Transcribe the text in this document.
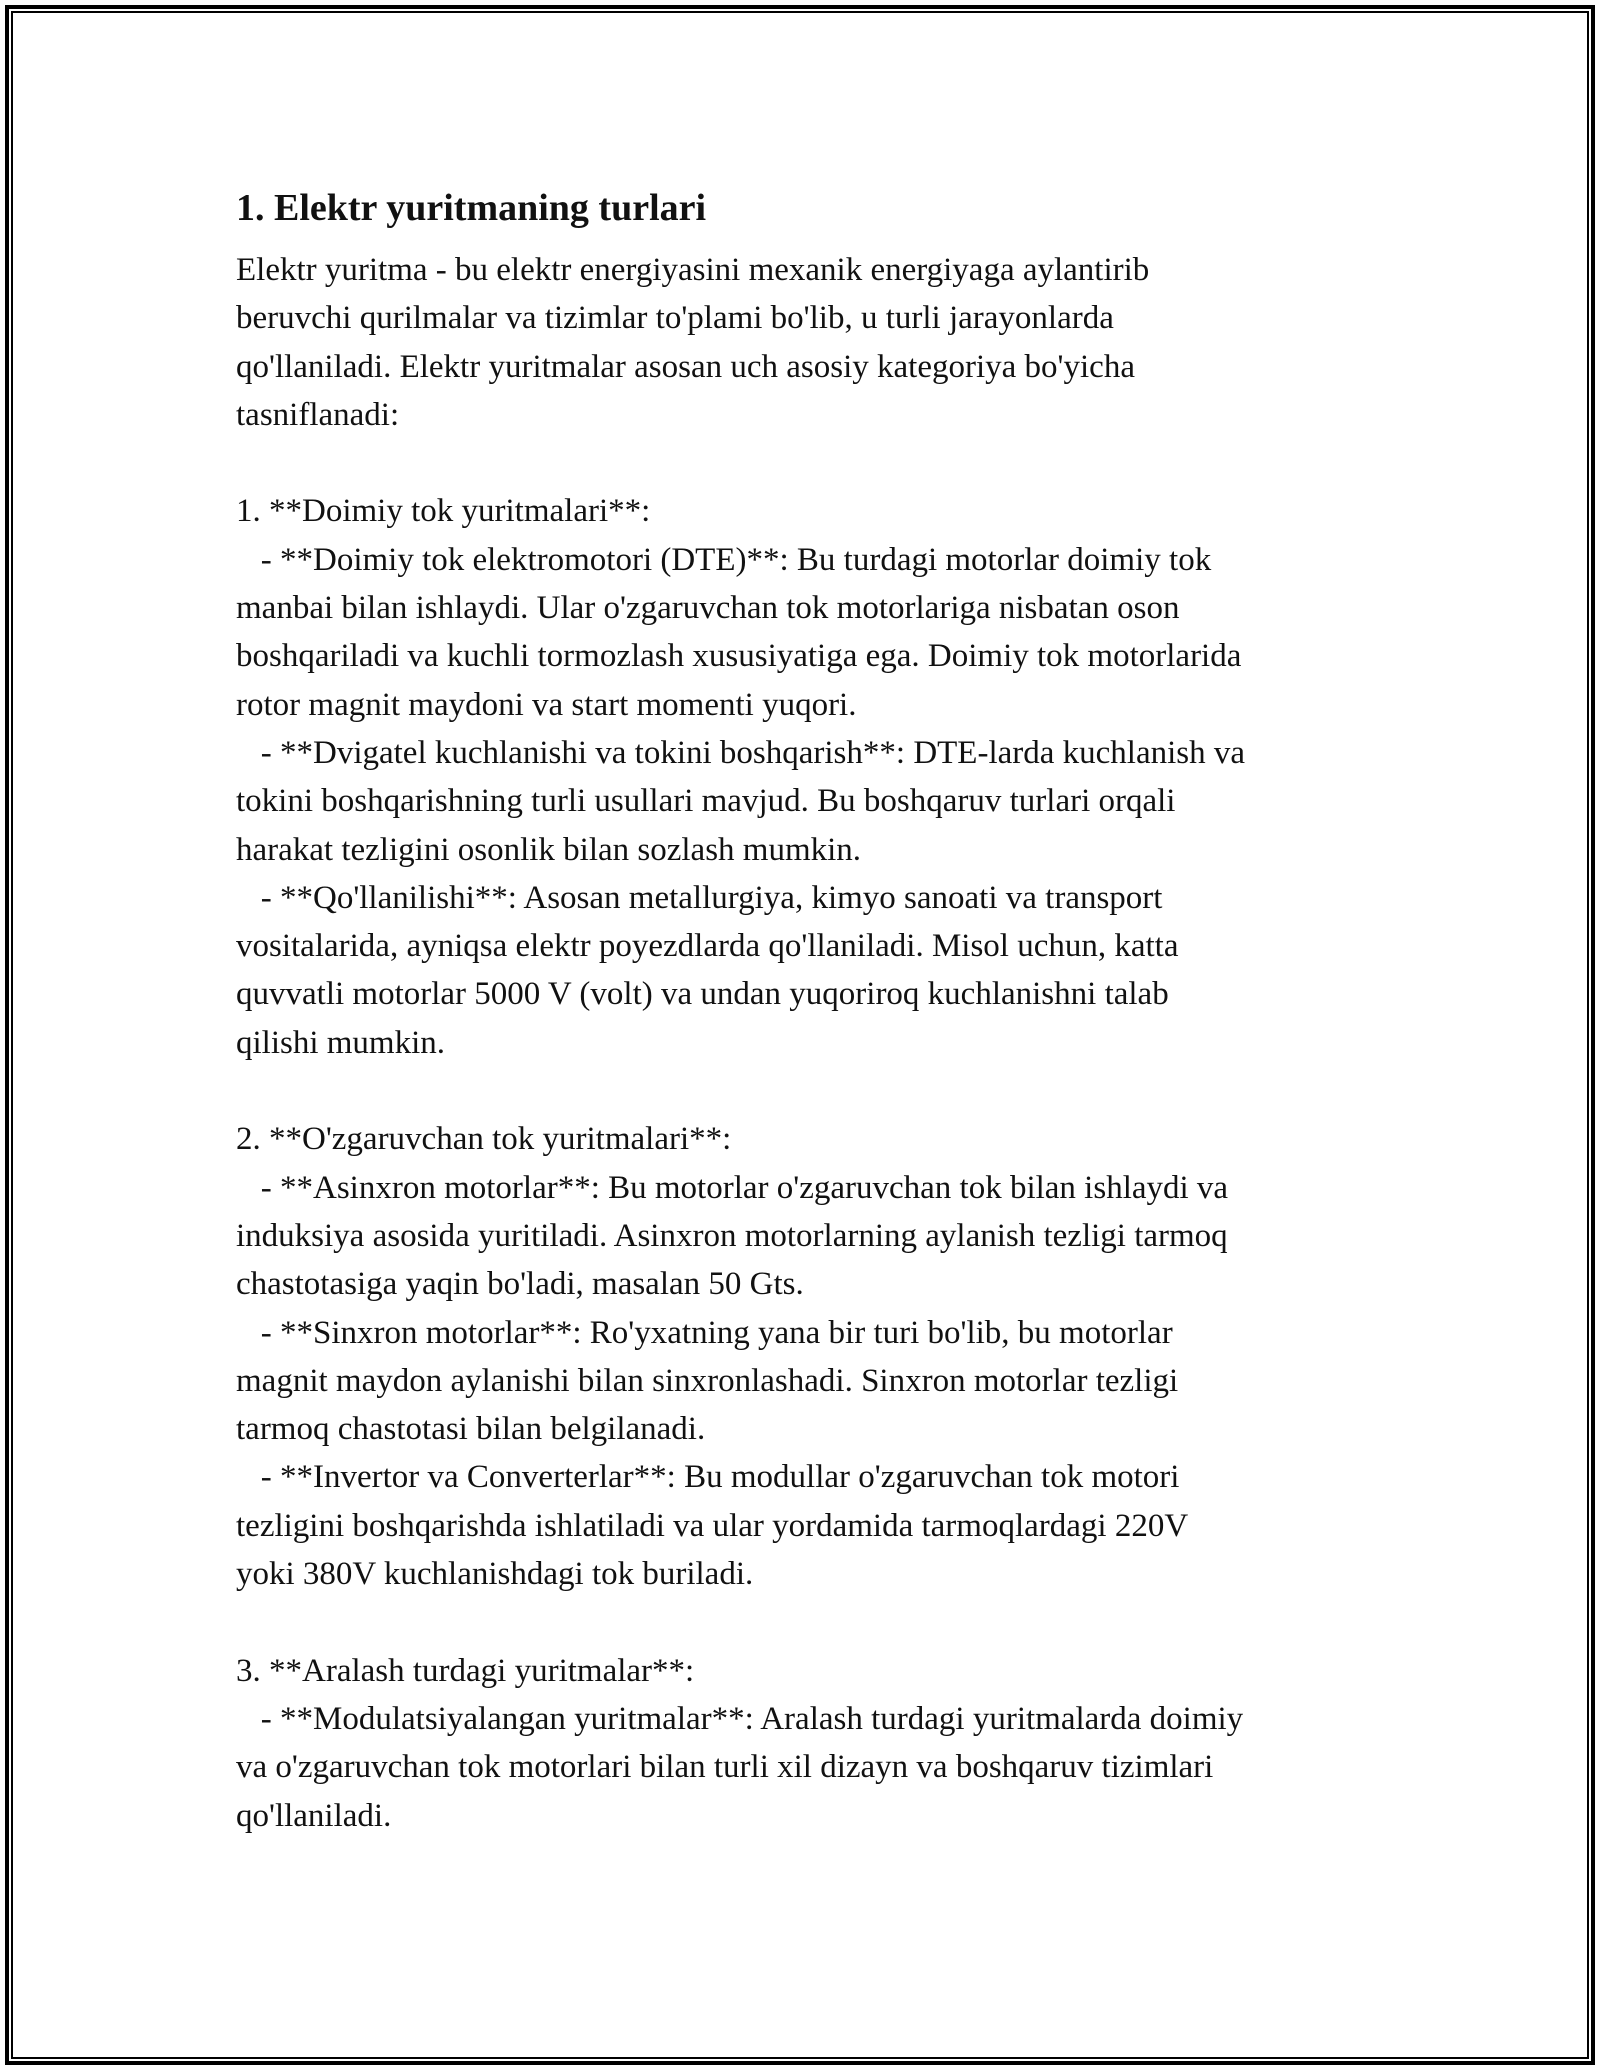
1. Elektr yuritmaning turlari

Elektr yuritma - bu elektr energiyasini mexanik energiyaga aylantirib
beruvchi qurilmalar va tizimlar to'plami bo'lib, u turli jarayonlarda
qo'llaniladi. Elektr yuritmalar asosan uch asosiy kategoriya bo'yicha
tasniflanadi:

1. **Doimiy tok yuritmalari**:
- **Doimiy tok elektromotori (DTE)**: Bu turdagi motorlar doimiy tok
manbai bilan ishlaydi. Ular o'zgaruvchan tok motorlariga nisbatan oson
boshqariladi va kuchli tormozlash xususiyatiga ega. Doimiy tok motorlarida
rotor magnit maydoni va start momenti yuqori.
- **Dvigatel kuchlanishi va tokini boshqarish**: DTE-larda kuchlanish va
tokini boshqarishning turli usullari mavjud. Bu boshqaruv turlari orqali
harakat tezligini osonlik bilan sozlash mumkin.
- **Qo'llanilishi**: Asosan metallurgiya, kimyo sanoati va transport
vositalarida, ayniqsa elektr poyezdlarda qo'llaniladi. Misol uchun, katta
quvvatli motorlar 5000 V (volt) va undan yuqoriroq kuchlanishni talab
qilishi mumkin.

2. **O'zgaruvchan tok yuritmalari**:
- **Asinxron motorlar**: Bu motorlar o'zgaruvchan tok bilan ishlaydi va
induksiya asosida yuritiladi. Asinxron motorlarning aylanish tezligi tarmoq
chastotasiga yaqin bo'ladi, masalan 50 Gts.
- **Sinxron motorlar**: Ro'yxatning yana bir turi bo'lib, bu motorlar
magnit maydon aylanishi bilan sinxronlashadi. Sinxron motorlar tezligi
tarmoq chastotasi bilan belgilanadi.
- **Invertor va Converterlar**: Bu modullar o'zgaruvchan tok motori
tezligini boshqarishda ishlatiladi va ular yordamida tarmoqlardagi 220V
yoki 380V kuchlanishdagi tok buriladi.

3. **Aralash turdagi yuritmalar**:
- **Modulatsiyalangan yuritmalar**: Aralash turdagi yuritmalarda doimiy
va o'zgaruvchan tok motorlari bilan turli xil dizayn va boshqaruv tizimlari
qo'llaniladi.
